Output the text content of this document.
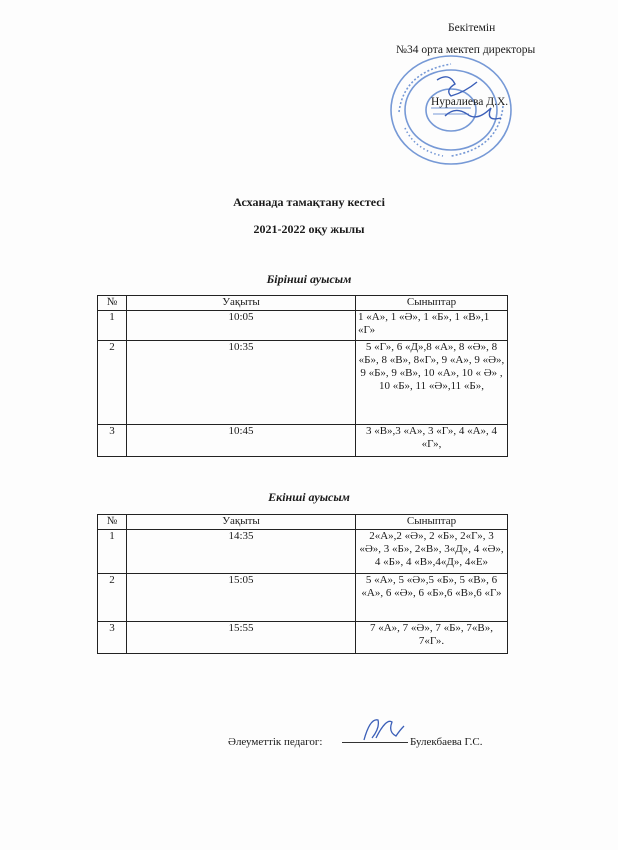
Бекітемін
№34 орта мектеп директоры
Нуралиева Д.Х.
Асханада тамақтану кестесі
2021-2022 оқу жылы
Бірінші ауысым
№	Уақыты	Сыныптар
1	10:05	1 «А», 1 «Ә», 1 «Б», 1 «В»,1 «Г»
2	10:35	5 «Г», 6 «Д»,8 «А», 8 «Ә», 8 «Б», 8 «В», 8«Г», 9 «А», 9 «Ә», 9 «Б», 9 «В», 10 «А», 10 « Ә» , 10 «Б», 11 «Ә»,11 «Б»,
3	10:45	3 «В»,3 «А», 3 «Г», 4 «А», 4 «Г»,
Екінші ауысым
№	Уақыты	Сыныптар
1	14:35	2«А»,2 «Ә», 2 «Б», 2«Г», 3 «Ә», 3 «Б», 2«В», 3«Д», 4 «Ә», 4 «Б», 4 «В»,4«Д», 4«Е»
2	15:05	5 «А», 5 «Ә»,5 «Б», 5 «В», 6 «А», 6 «Ә», 6 «Б»,6 «В»,6 «Г»
3	15:55	7 «А», 7 «Ә», 7 «Б», 7«В», 7«Г».
Әлеуметтік педагог:	Булекбаева Г.С.
